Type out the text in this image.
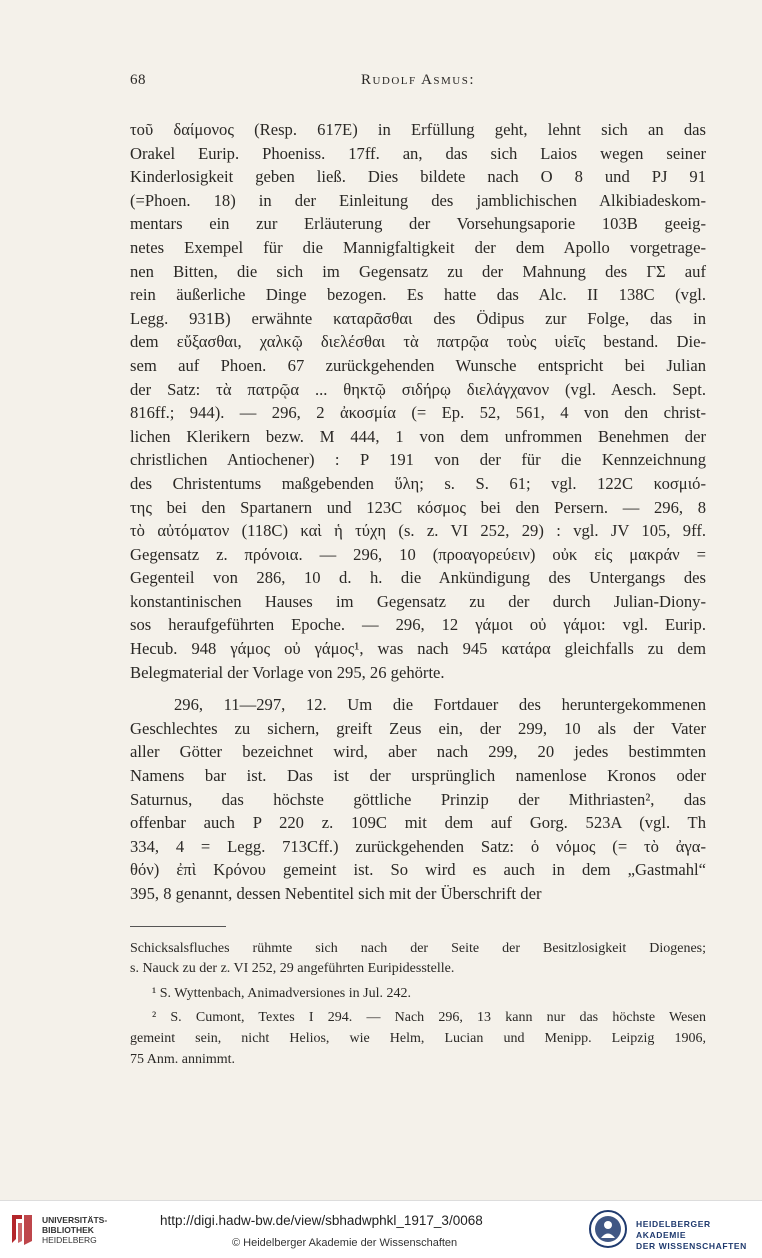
68	Rudolf Asmus:
τοῦ δαίμονος (Resp. 617E) in Erfüllung geht, lehnt sich an das
Orakel Eurip. Phoeniss. 17ff. an, das sich Laios wegen seiner
Kinderlosigkeit geben ließ. Dies bildete nach O 8 und PJ 91
(=Phoen. 18) in der Einleitung des jamblichischen Alkibiadeskom-
mentars ein zur Erläuterung der Vorsehungsaporie 103B geeig-
netes Exempel für die Mannigfaltigkeit der dem Apollo vorgetrage-
nen Bitten, die sich im Gegensatz zu der Mahnung des ΓΣ auf
rein äußerliche Dinge bezogen. Es hatte das Alc. II 138C (vgl.
Legg. 931B) erwähnte καταρᾶσθαι des Ödipus zur Folge, das in
dem εὔξασθαι, χαλκῷ διελέσθαι τὰ πατρῷα τοὺς υἱεῖς bestand. Die-
sem auf Phoen. 67 zurückgehenden Wunsche entspricht bei Julian
der Satz: τὰ πατρῷα ... θηκτῷ σιδήρῳ διελάγχανον (vgl. Aesch. Sept.
816ff.; 944). — 296, 2 ἀκοσμία (= Ep. 52, 561, 4 von den christ-
lichen Klerikern bezw. M 444, 1 von dem unfrommen Benehmen der
christlichen Antiochener) : P 191 von der für die Kennzeichnung
des Christentums maßgebenden ὕλη; s. S. 61; vgl. 122C κοσμιό-
της bei den Spartanern und 123C κόσμος bei den Persern. — 296, 8
τὸ αὐτόματον (118C) καὶ ἡ τύχη (s. z. VI 252, 29) : vgl. JV 105, 9ff.
Gegensatz z. πρόνοια. — 296, 10 (προαγορεύειν) οὐκ εἰς μακράν =
Gegenteil von 286, 10 d. h. die Ankündigung des Untergangs des
konstantinischen Hauses im Gegensatz zu der durch Julian-Diony-
sos heraufgeführten Epoche. — 296, 12 γάμοι οὐ γάμοι: vgl. Eurip.
Hecub. 948 γάμος οὐ γάμος¹, was nach 945 κατάρα gleichfalls zu dem
Belegmaterial der Vorlage von 295, 26 gehörte.
296, 11—297, 12. Um die Fortdauer des heruntergekommenen
Geschlechtes zu sichern, greift Zeus ein, der 299, 10 als der Vater
aller Götter bezeichnet wird, aber nach 299, 20 jedes bestimmten
Namens bar ist. Das ist der ursprünglich namenlose Kronos oder
Saturnus, das höchste göttliche Prinzip der Mithriasten², das
offenbar auch P 220 z. 109C mit dem auf Gorg. 523A (vgl. Th
334, 4 = Legg. 713Cff.) zurückgehenden Satz: ὁ νόμος (= τὸ ἀγα-
θόν) ἐπὶ Κρόνου gemeint ist. So wird es auch in dem „Gastmahl“
395, 8 genannt, dessen Nebentitel sich mit der Überschrift der
Schicksalsfluches rühmte sich nach der Seite der Besitzlosigkeit Diogenes;
s. Nauck zu der z. VI 252, 29 angeführten Euripidesstelle.
¹ S. Wyttenbach, Animadversiones in Jul. 242.
² S. Cumont, Textes I 294. — Nach 296, 13 kann nur das höchste Wesen
gemeint sein, nicht Helios, wie Helm, Lucian und Menipp. Leipzig 1906,
75 Anm. annimmt.
UNIVERSITÄTS-
BIBLIOTHEK
HEIDELBERG
http://digi.hadw-bw.de/view/sbhadwphkl_1917_3/0068
© Heidelberger Akademie der Wissenschaften
HEIDELBERGER AKADEMIE
DER WISSENSCHAFTEN
